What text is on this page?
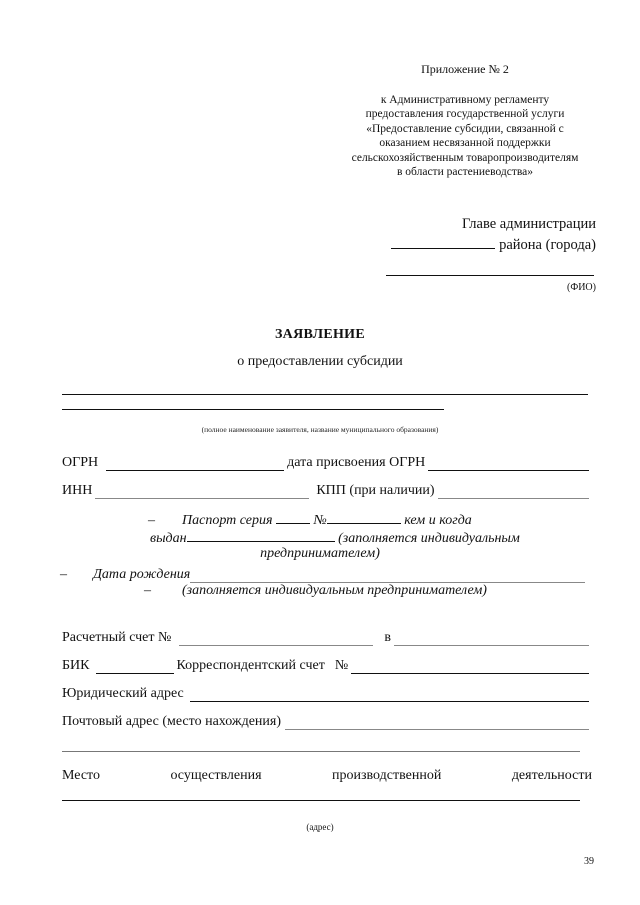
Приложение № 2
к Административному регламенту
предоставления государственной услуги
«Предоставление субсидии, связанной с
оказанием несвязанной поддержки
сельскохозяйственным товаропроизводителям
в области растениеводства»
Главе администрации
района (города)
(ФИО)
ЗАЯВЛЕНИЕ
о предоставлении субсидии
(полное наименование заявителя, название муниципального образования)
ОГРН	дата присвоения ОГРН
ИНН	КПП (при наличии)
– Паспорт серия	№	кем и когда
выдан	(заполняется индивидуальным
предпринимателем)
– Дата рождения
– (заполняется индивидуальным предпринимателем)
Расчетный счет №	в
БИК	Корреспондентский счет №
Юридический адрес
Почтовый адрес (место нахождения)
Место	осуществления	производственной	деятельности
(адрес)
39
